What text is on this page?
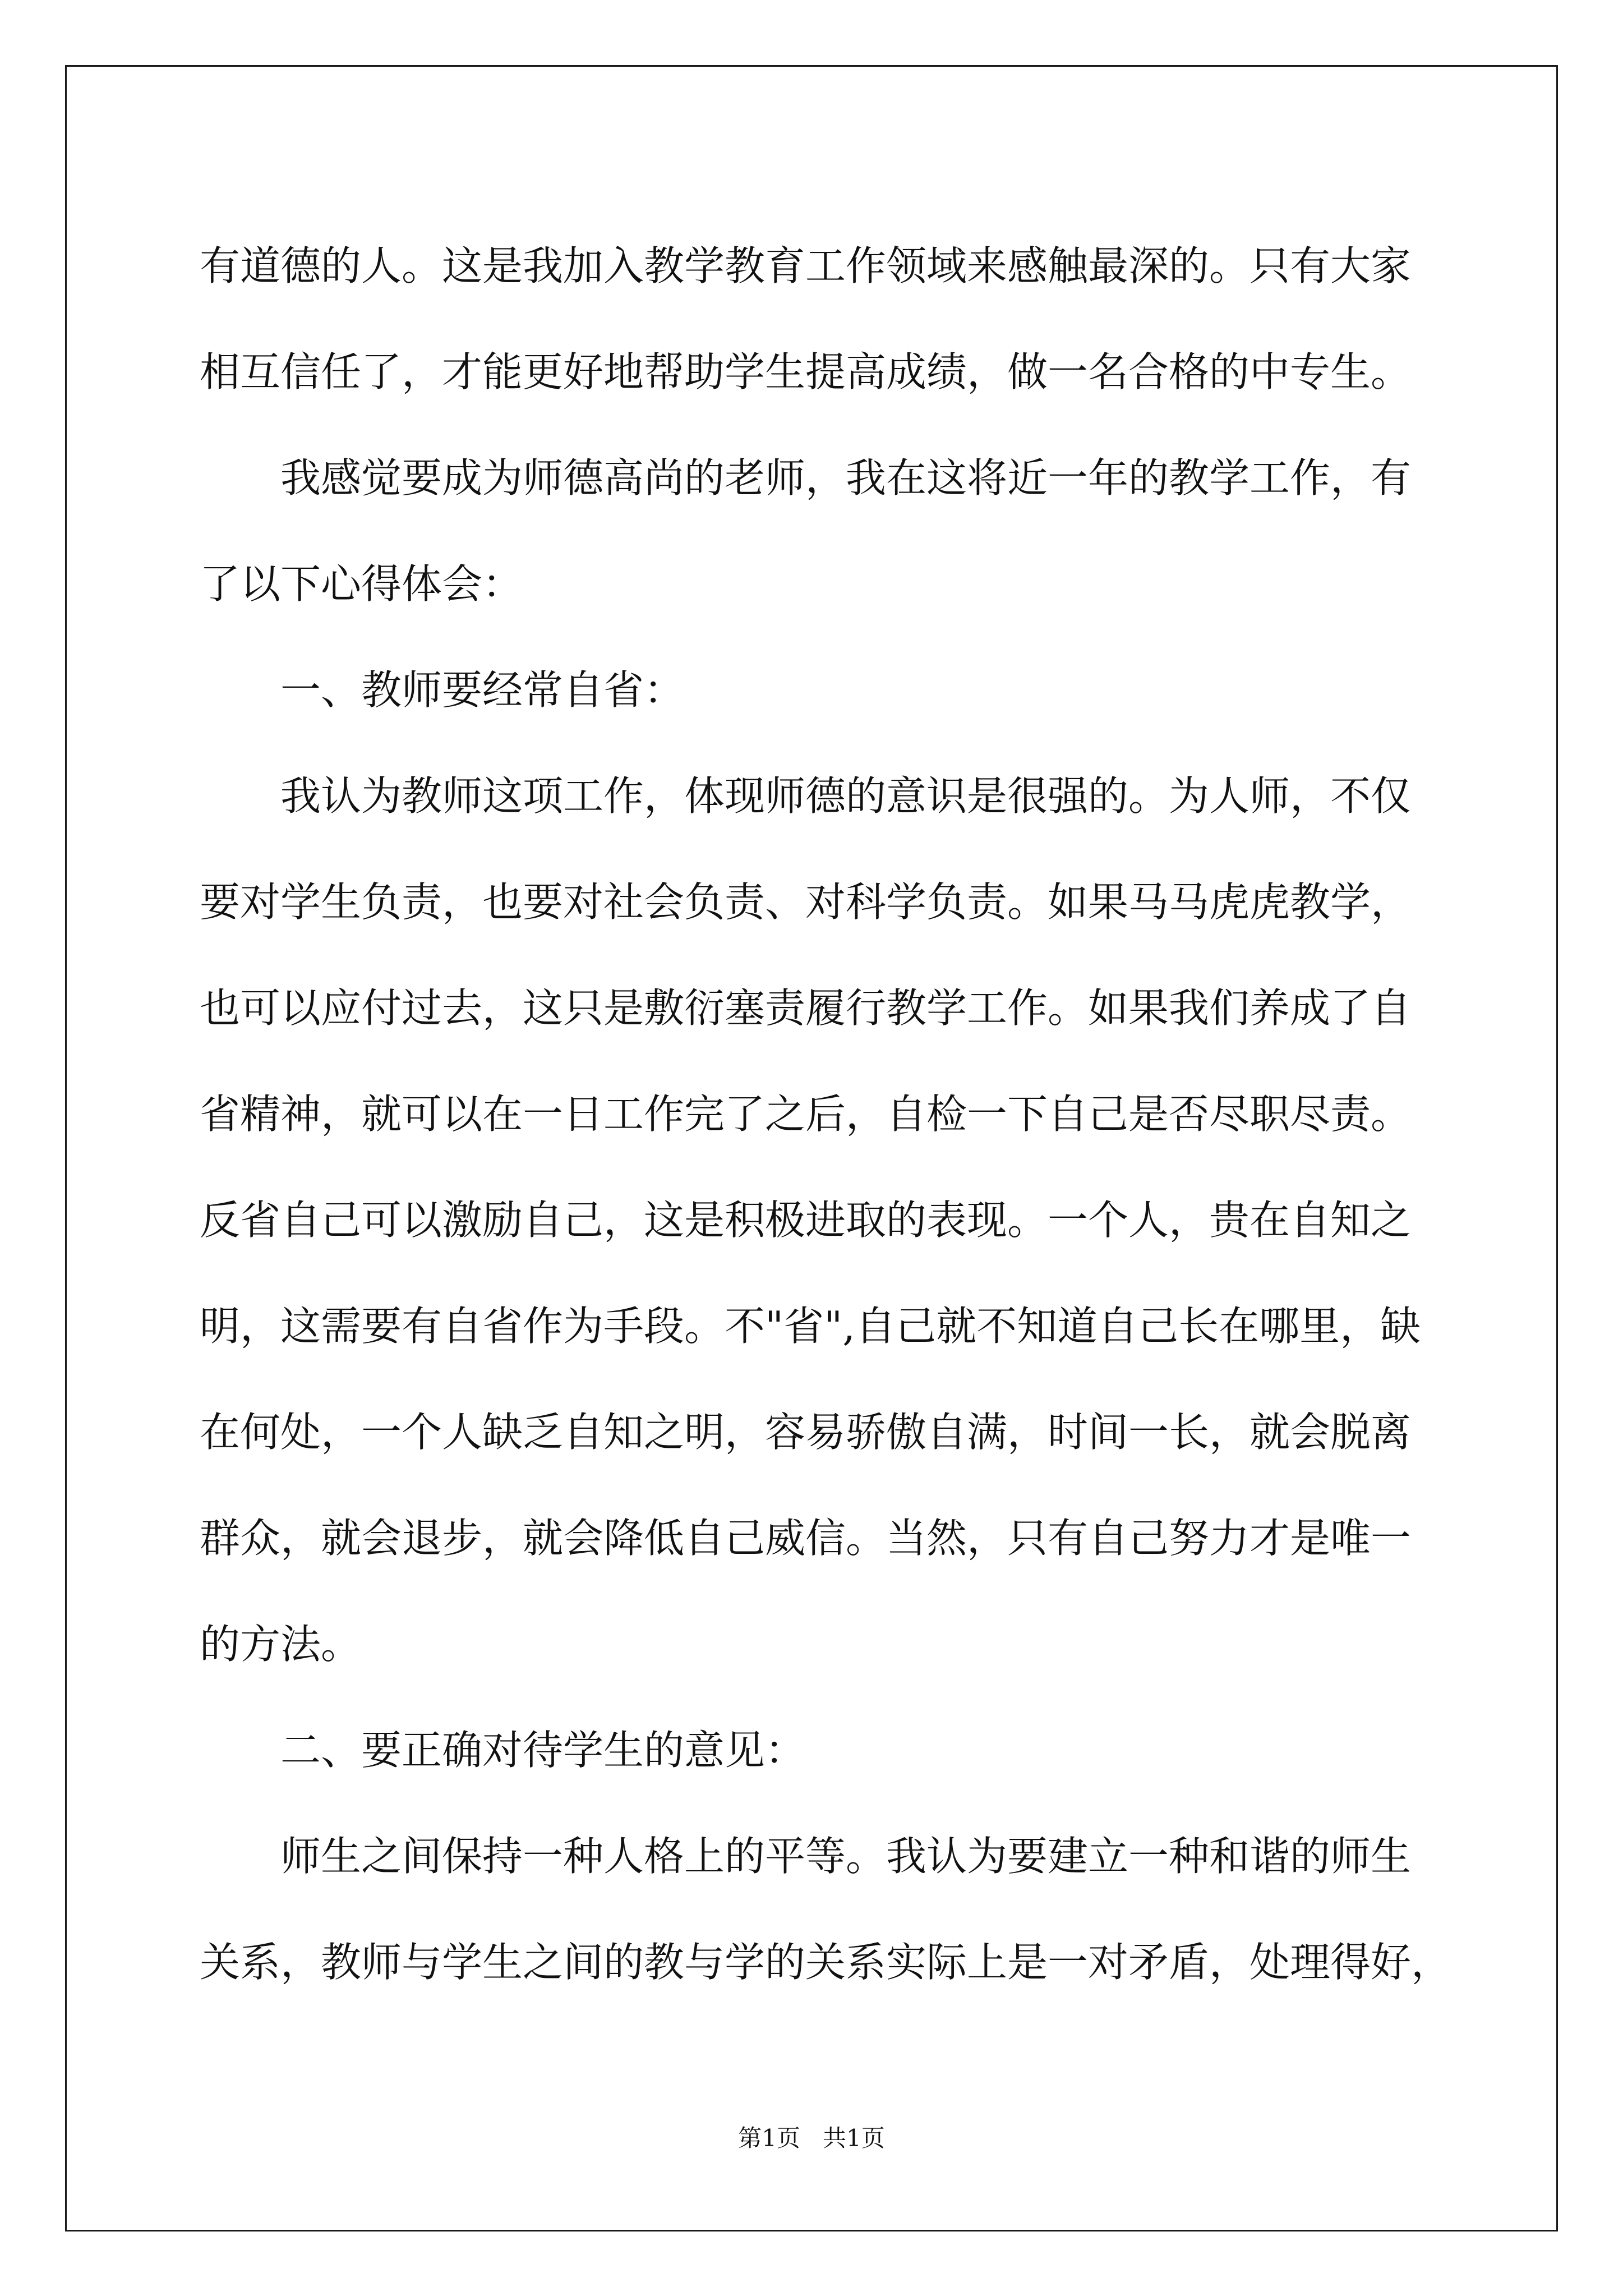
有道德的人。这是我加入教学教育工作领域来感触最深的。只有大家
相互信任了，才能更好地帮助学生提高成绩，做一名合格的中专生。
我感觉要成为师德高尚的老师，我在这将近一年的教学工作，有
了以下心得体会：
一、教师要经常自省：
我认为教师这项工作，体现师德的意识是很强的。为人师，不仅
要对学生负责，也要对社会负责、对科学负责。如果马马虎虎教学，
也可以应付过去，这只是敷衍塞责履行教学工作。如果我们养成了自
省精神，就可以在一日工作完了之后，自检一下自己是否尽职尽责。
反省自己可以激励自己，这是积极进取的表现。一个人，贵在自知之
明，这需要有自省作为手段。不"省",自己就不知道自己长在哪里，缺
在何处，一个人缺乏自知之明，容易骄傲自满，时间一长，就会脱离
群众，就会退步，就会降低自己威信。当然，只有自己努力才是唯一
的方法。
二、要正确对待学生的意见：
师生之间保持一种人格上的平等。我认为要建立一种和谐的师生
关系，教师与学生之间的教与学的关系实际上是一对矛盾，处理得好，
第1页 共1页
